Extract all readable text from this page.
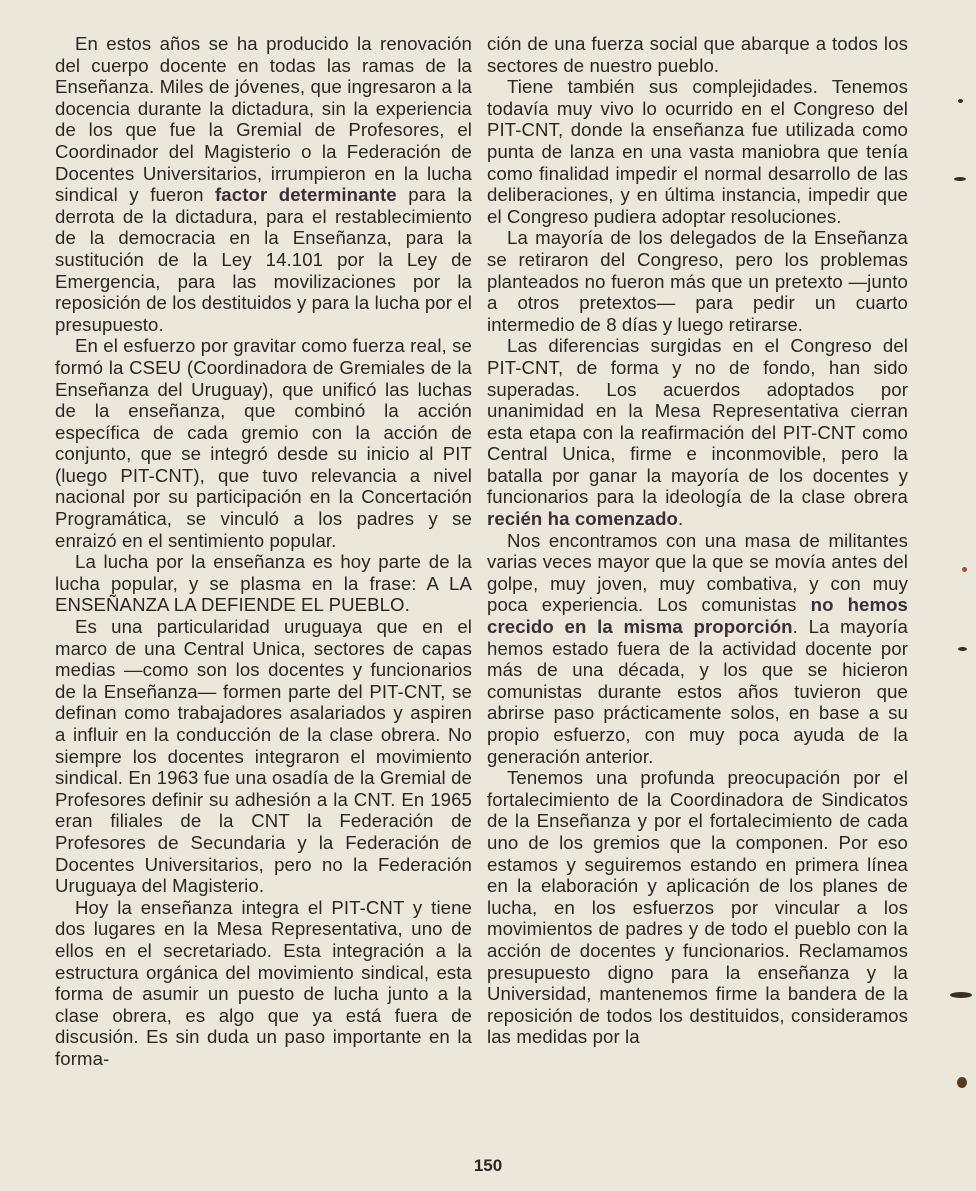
En estos años se ha producido la renovación del cuerpo docente en todas las ramas de la Enseñanza. Miles de jóvenes, que ingresaron a la docencia durante la dictadura, sin la experiencia de los que fue la Gremial de Profesores, el Coordinador del Magisterio o la Federación de Docentes Universitarios, irrumpieron en la lucha sindical y fueron factor determinante para la derrota de la dictadura, para el restablecimiento de la democracia en la Enseñanza, para la sustitución de la Ley 14.101 por la Ley de Emergencia, para las movilizaciones por la reposición de los destituidos y para la lucha por el presupuesto.

En el esfuerzo por gravitar como fuerza real, se formó la CSEU (Coordinadora de Gremiales de la Enseñanza del Uruguay), que unificó las luchas de la enseñanza, que combinó la acción específica de cada gremio con la acción de conjunto, que se integró desde su inicio al PIT (luego PIT-CNT), que tuvo relevancia a nivel nacional por su participación en la Concertación Programática, se vinculó a los padres y se enraizó en el sentimiento popular.

La lucha por la enseñanza es hoy parte de la lucha popular, y se plasma en la frase: A LA ENSEÑANZA LA DEFIENDE EL PUEBLO.

Es una particularidad uruguaya que en el marco de una Central Unica, sectores de capas medias —como son los docentes y funcionarios de la Enseñanza— formen parte del PIT-CNT, se definan como trabajadores asalariados y aspiren a influir en la conducción de la clase obrera. No siempre los docentes integraron el movimiento sindical. En 1963 fue una osadía de la Gremial de Profesores definir su adhesión a la CNT. En 1965 eran filiales de la CNT la Federación de Profesores de Secundaria y la Federación de Docentes Universitarios, pero no la Federación Uruguaya del Magisterio.

Hoy la enseñanza integra el PIT-CNT y tiene dos lugares en la Mesa Representativa, uno de ellos en el secretariado. Esta integración a la estructura orgánica del movimiento sindical, esta forma de asumir un puesto de lucha junto a la clase obrera, es algo que ya está fuera de discusión. Es sin duda un paso importante en la forma-

ción de una fuerza social que abarque a todos los sectores de nuestro pueblo.

Tiene también sus complejidades. Tenemos todavía muy vivo lo ocurrido en el Congreso del PIT-CNT, donde la enseñanza fue utilizada como punta de lanza en una vasta maniobra que tenía como finalidad impedir el normal desarrollo de las deliberaciones, y en última instancia, impedir que el Congreso pudiera adoptar resoluciones.

La mayoría de los delegados de la Enseñanza se retiraron del Congreso, pero los problemas planteados no fueron más que un pretexto —junto a otros pretextos— para pedir un cuarto intermedio de 8 días y luego retirarse.

Las diferencias surgidas en el Congreso del PIT-CNT, de forma y no de fondo, han sido superadas. Los acuerdos adoptados por unanimidad en la Mesa Representativa cierran esta etapa con la reafirmación del PIT-CNT como Central Unica, firme e inconmovible, pero la batalla por ganar la mayoría de los docentes y funcionarios para la ideología de la clase obrera recién ha comenzado.

Nos encontramos con una masa de militantes varias veces mayor que la que se movía antes del golpe, muy joven, muy combativa, y con muy poca experiencia. Los comunistas no hemos crecido en la misma proporción. La mayoría hemos estado fuera de la actividad docente por más de una década, y los que se hicieron comunistas durante estos años tuvieron que abrirse paso prácticamente solos, en base a su propio esfuerzo, con muy poca ayuda de la generación anterior.

Tenemos una profunda preocupación por el fortalecimiento de la Coordinadora de Sindicatos de la Enseñanza y por el fortalecimiento de cada uno de los gremios que la componen. Por eso estamos y seguiremos estando en primera línea en la elaboración y aplicación de los planes de lucha, en los esfuerzos por vincular a los movimientos de padres y de todo el pueblo con la acción de docentes y funcionarios. Reclamamos presupuesto digno para la enseñanza y la Universidad, mantenemos firme la bandera de la reposición de todos los destituidos, consideramos las medidas por la

150
